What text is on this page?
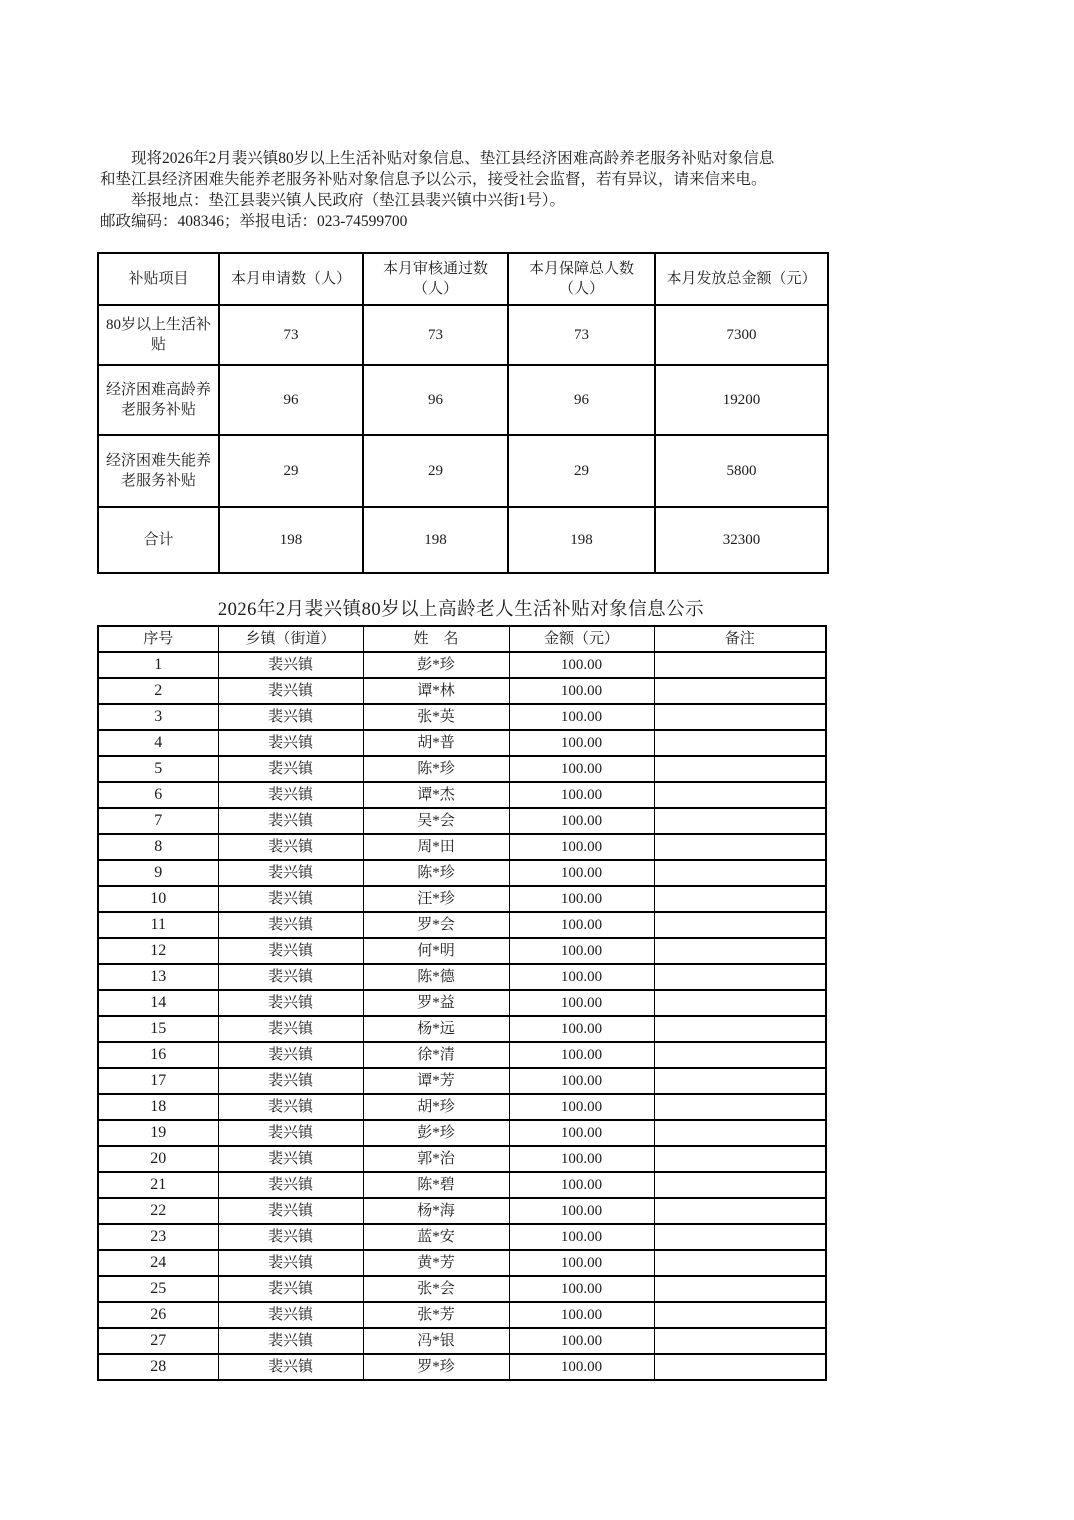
现将2026年2月裴兴镇80岁以上生活补贴对象信息、垫江县经济困难高龄养老服务补贴对象信息
和垫江县经济困难失能养老服务补贴对象信息予以公示，接受社会监督，若有异议，请来信来电。
举报地点：垫江县裴兴镇人民政府（垫江县裴兴镇中兴街1号）。
邮政编码：408346；举报电话：023-74599700
补贴项目	本月申请数（人）	本月审核通过数（人）	本月保障总人数（人）	本月发放总金额（元）
80岁以上生活补贴	73	73	73	7300
经济困难高龄养老服务补贴	96	96	96	19200
经济困难失能养老服务补贴	29	29	29	5800
合计	198	198	198	32300
2026年2月裴兴镇80岁以上高龄老人生活补贴对象信息公示
序号	乡镇（街道）	姓　名	金额（元）	备注
1	裴兴镇	彭*珍	100.00	
2	裴兴镇	谭*林	100.00	
3	裴兴镇	张*英	100.00	
4	裴兴镇	胡*普	100.00	
5	裴兴镇	陈*珍	100.00	
6	裴兴镇	谭*杰	100.00	
7	裴兴镇	吴*会	100.00	
8	裴兴镇	周*田	100.00	
9	裴兴镇	陈*珍	100.00	
10	裴兴镇	汪*珍	100.00	
11	裴兴镇	罗*会	100.00	
12	裴兴镇	何*明	100.00	
13	裴兴镇	陈*德	100.00	
14	裴兴镇	罗*益	100.00	
15	裴兴镇	杨*远	100.00	
16	裴兴镇	徐*清	100.00	
17	裴兴镇	谭*芳	100.00	
18	裴兴镇	胡*珍	100.00	
19	裴兴镇	彭*珍	100.00	
20	裴兴镇	郭*治	100.00	
21	裴兴镇	陈*碧	100.00	
22	裴兴镇	杨*海	100.00	
23	裴兴镇	蓝*安	100.00	
24	裴兴镇	黄*芳	100.00	
25	裴兴镇	张*会	100.00	
26	裴兴镇	张*芳	100.00	
27	裴兴镇	冯*银	100.00	
28	裴兴镇	罗*珍	100.00	
